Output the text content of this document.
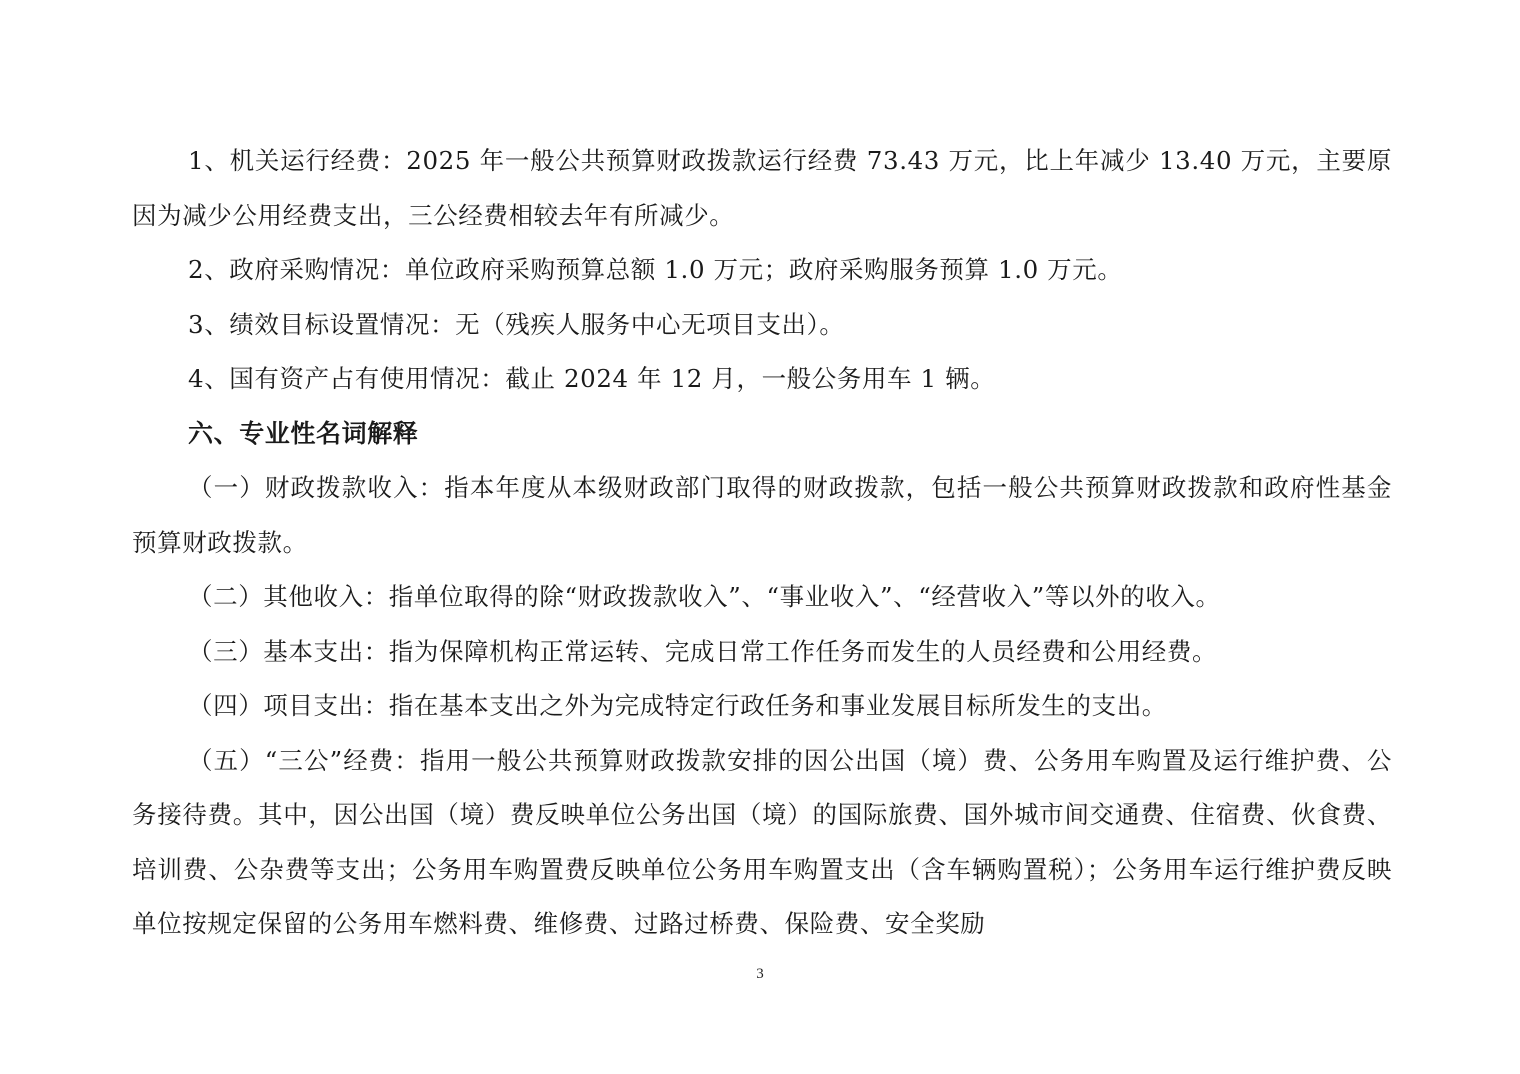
1、机关运行经费：2025 年一般公共预算财政拨款运行经费 73.43 万元，比上年减少 13.40 万元，主要原因为减少公用经费支出，三公经费相较去年有所减少。

2、政府采购情况：单位政府采购预算总额 1.0 万元；政府采购服务预算 1.0 万元。

3、绩效目标设置情况：无（残疾人服务中心无项目支出）。

4、国有资产占有使用情况：截止 2024 年 12 月，一般公务用车 1 辆。

六、专业性名词解释

（一）财政拨款收入：指本年度从本级财政部门取得的财政拨款，包括一般公共预算财政拨款和政府性基金预算财政拨款。

（二）其他收入：指单位取得的除“财政拨款收入”、“事业收入”、“经营收入”等以外的收入。

（三）基本支出：指为保障机构正常运转、完成日常工作任务而发生的人员经费和公用经费。

（四）项目支出：指在基本支出之外为完成特定行政任务和事业发展目标所发生的支出。

（五）“三公”经费：指用一般公共预算财政拨款安排的因公出国（境）费、公务用车购置及运行维护费、公务接待费。其中，因公出国（境）费反映单位公务出国（境）的国际旅费、国外城市间交通费、住宿费、伙食费、培训费、公杂费等支出；公务用车购置费反映单位公务用车购置支出（含车辆购置税）；公务用车运行维护费反映单位按规定保留的公务用车燃料费、维修费、过路过桥费、保险费、安全奖励

3
